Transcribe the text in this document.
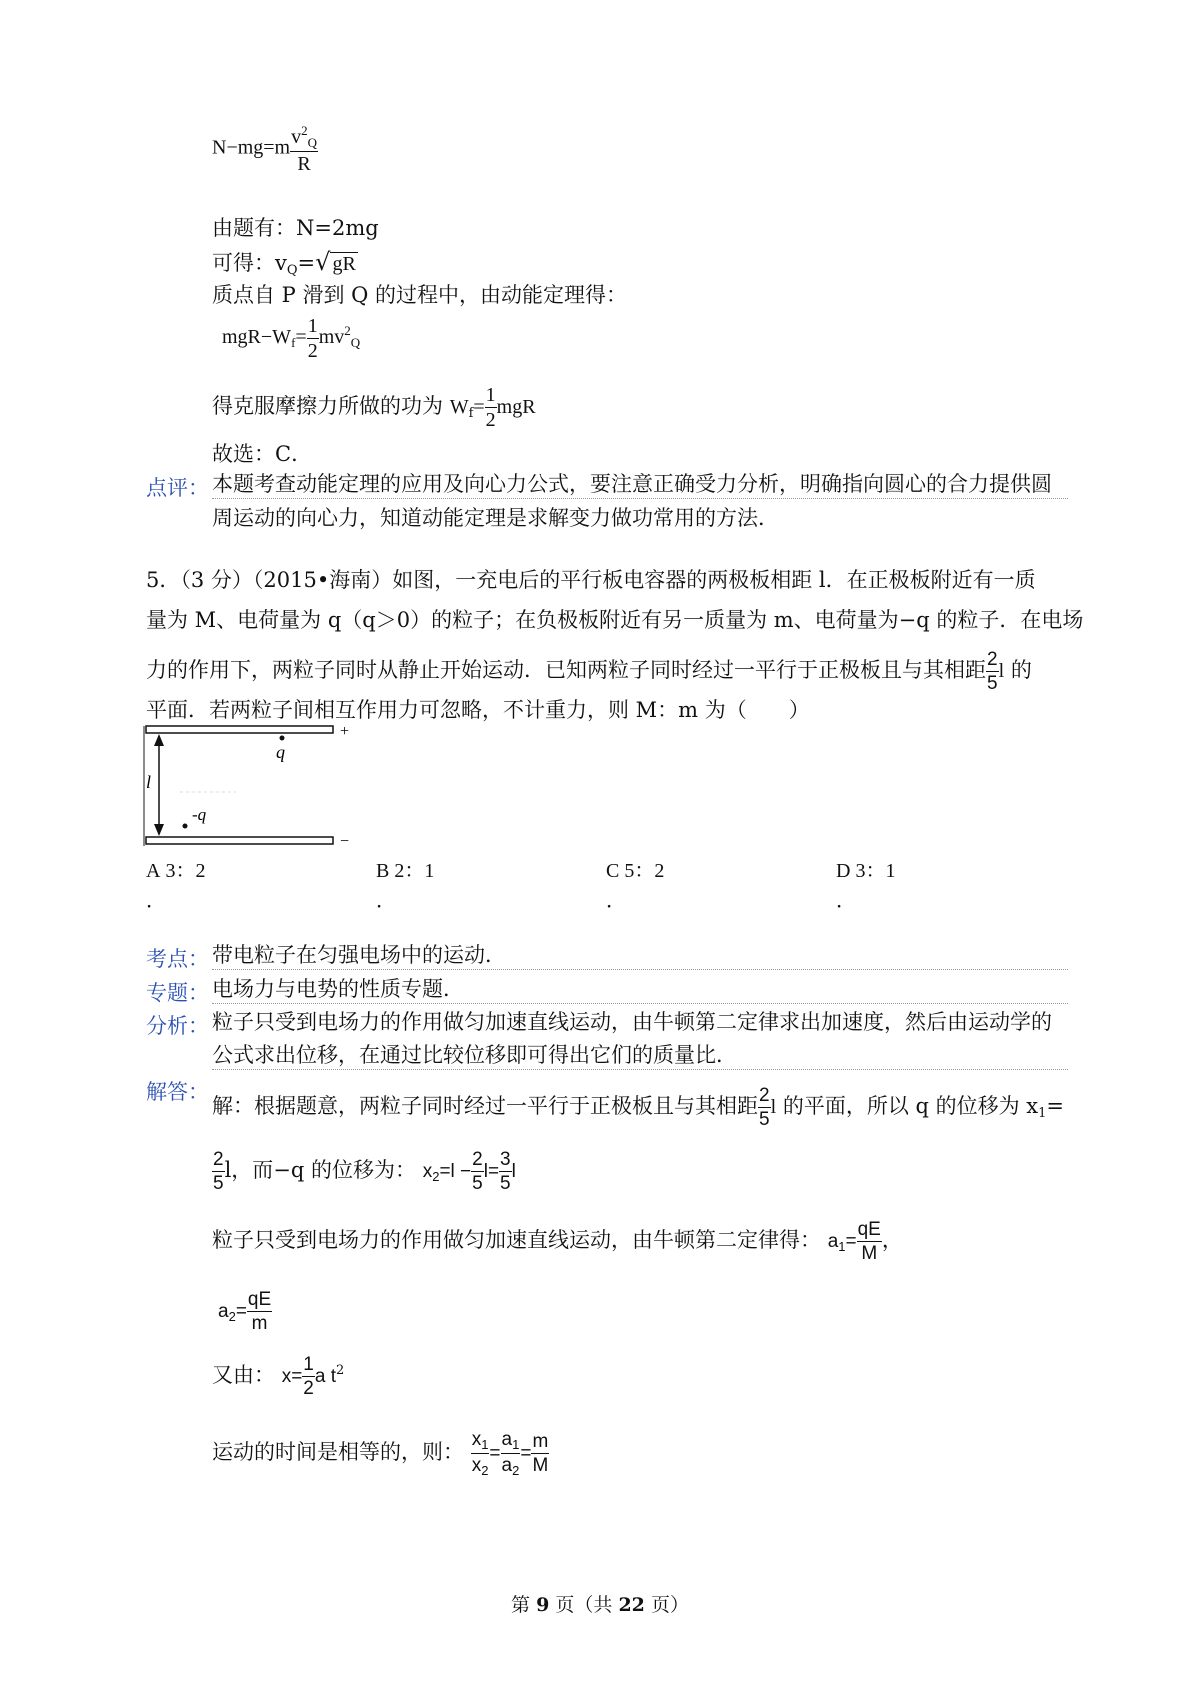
$N-mg=m \frac{v^2_Q}{R}$
由题有：N=2mg
可得：$v_Q=√$ gR
质点自 P 滑到 Q 的过程中，由动能定理得：
$mgR-W_f= \frac{1}{2} mv^2_Q$
得克服摩擦力所做的功为 $W_f= \frac{1}{2}$ mgR
故选：C．
点评： 本题考查动能定理的应用及向心力公式，要注意正确受力分析，明确指向圆心的合力提供圆
周运动的向心力，知道动能定理是求解变力做功常用的方法．
5．（3 分）（2015•海南）如图，一充电后的平行板电容器的两极板相距 l．在正极板附近有一质
量为 M、电荷量为 q（q＞0）的粒子；在负极板附近有另一质量为 m、电荷量为−q 的粒子．在电场
力的作用下，两粒子同时从静止开始运动．已知两粒子同时经过一平行于正极板且与其相距 $\frac{2}{5}$ l 的
平面．若两粒子间相互作用力可忽略，不计重力，则 M：m 为（　　）
l
q
-q
+
−
A 3：2
．
B 2：1
．
C 5：2
．
D 3：1
．
考点： 带电粒子在匀强电场中的运动．
专题： 电场力与电势的性质专题．
分析： 粒子只受到电场力的作用做匀加速直线运动，由牛顿第二定律求出加速度，然后由运动学的
公式求出位移，在通过比较位移即可得出它们的质量比．
解答：
解：根据题意，两粒子同时经过一平行于正极板且与其相距 $\frac{2}{5}$ l 的平面，所以 q 的位移为 $x_1=$
$\frac{2}{5}$ l，而−q 的位移为： $x_2=l - \frac{2}{5} l= \frac{3}{5}$ l
粒子只受到电场力的作用做匀加速直线运动，由牛顿第二定律得： $a_1= \frac{qE}{M}$ ，
$a_2= \frac{qE}{m}$
又由： $x= \frac{1}{2}$ a $t^2$
运动的时间是相等的，则： $\frac{x_1}{x_2} = \frac{a_1}{a_2} = \frac{m}{M}$
第 9 页（共 22 页）
